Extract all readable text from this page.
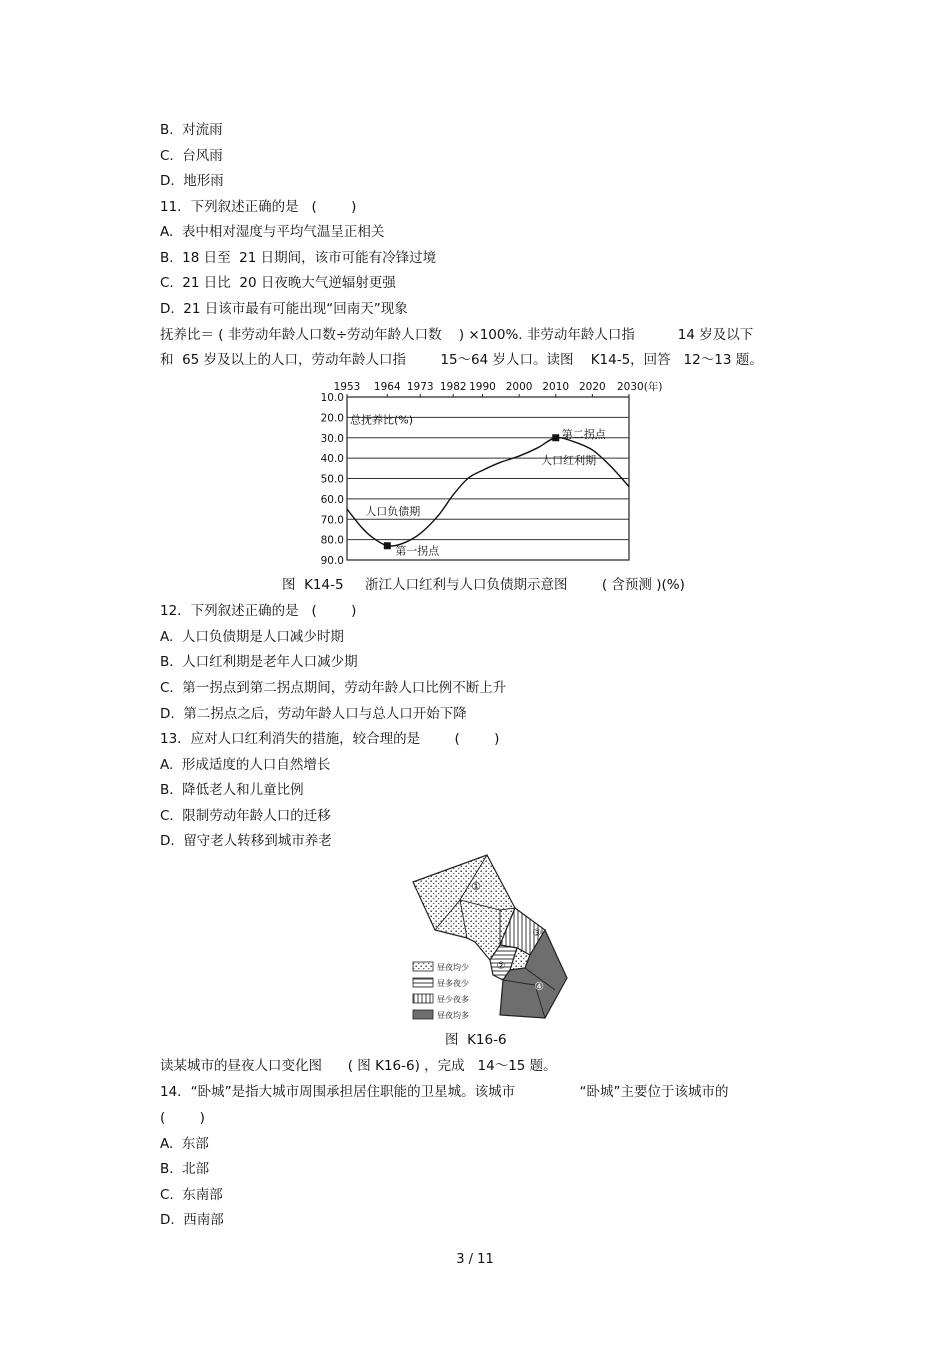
B.  对流雨
C.  台风雨
D.  地形雨
11．下列叙述正确的是   (        )
A.  表中相对湿度与平均气温呈正相关
B.  18 日至  21 日期间，该市可能有冷锋过境
C.  21 日比  20 日夜晚大气逆辐射更强
D.  21 日该市最有可能出现“回南天”现象
抚养比＝ ( 非劳动年龄人口数÷劳动年龄人口数    ) ×100%. 非劳动年龄人口指          14 岁及以下
和  65 岁及以上的人口，劳动年龄人口指        15～64 岁人口。读图    K14-5，回答   12～13 题。
10.0
20.0
30.0
40.0
50.0
60.0
70.0
80.0
90.0
1953 1964 1973 1982 1990 2000 2010 2020 2030(年)
总抚养比(%)
第一拐点
第二拐点
人口负债期
人口红利期
图  K14-5     浙江人口红利与人口负债期示意图        ( 含预测 )(%)
12．下列叙述正确的是   (        )
A.  人口负债期是人口减少时期
B.  人口红利期是老年人口减少期
C.  第一拐点到第二拐点期间，劳动年龄人口比例不断上升
D.  第二拐点之后，劳动年龄人口与总人口开始下降
13．应对人口红利消失的措施，较合理的是        (        )
A.  形成适度的人口自然增长
B.  降低老人和儿童比例
C.  限制劳动年龄人口的迁移
D.  留守老人转移到城市养老
①
②
③
④
昼夜均少
昼多夜少
昼少夜多
昼夜均多
图  K16-6
读某城市的昼夜人口变化图      ( 图 K16-6) ，完成   14～15 题。
14．“卧城”是指大城市周围承担居住职能的卫星城。该城市               “卧城”主要位于该城市的
(        )
A.  东部
B.  北部
C.  东南部
D.  西南部
3 / 11
